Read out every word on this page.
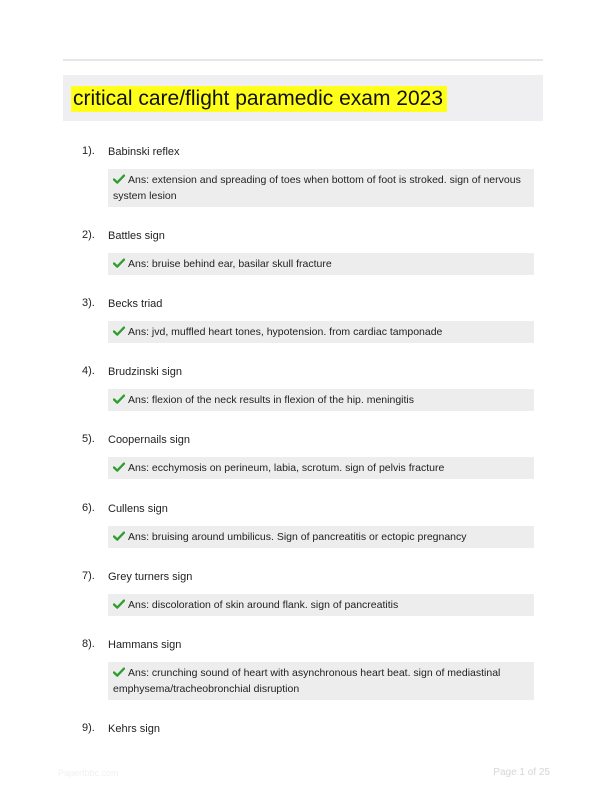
critical care/flight paramedic exam 2023
1). Babinski reflex
Ans: extension and spreading of toes when bottom of foot is stroked. sign of nervous system lesion
2). Battles sign
Ans: bruise behind ear, basilar skull fracture
3). Becks triad
Ans: jvd, muffled heart tones, hypotension. from cardiac tamponade
4). Brudzinski sign
Ans: flexion of the neck results in flexion of the hip. meningitis
5). Coopernails sign
Ans: ecchymosis on perineum, labia, scrotum. sign of pelvis fracture
6). Cullens sign
Ans: bruising around umbilicus. Sign of pancreatitis or ectopic pregnancy
7). Grey turners sign
Ans: discoloration of skin around flank. sign of pancreatitis
8). Hammans sign
Ans: crunching sound of heart with asynchronous heart beat. sign of mediastinal emphysema/tracheobronchial disruption
9). Kehrs sign
Papertbbc.com	Page 1 of 25
